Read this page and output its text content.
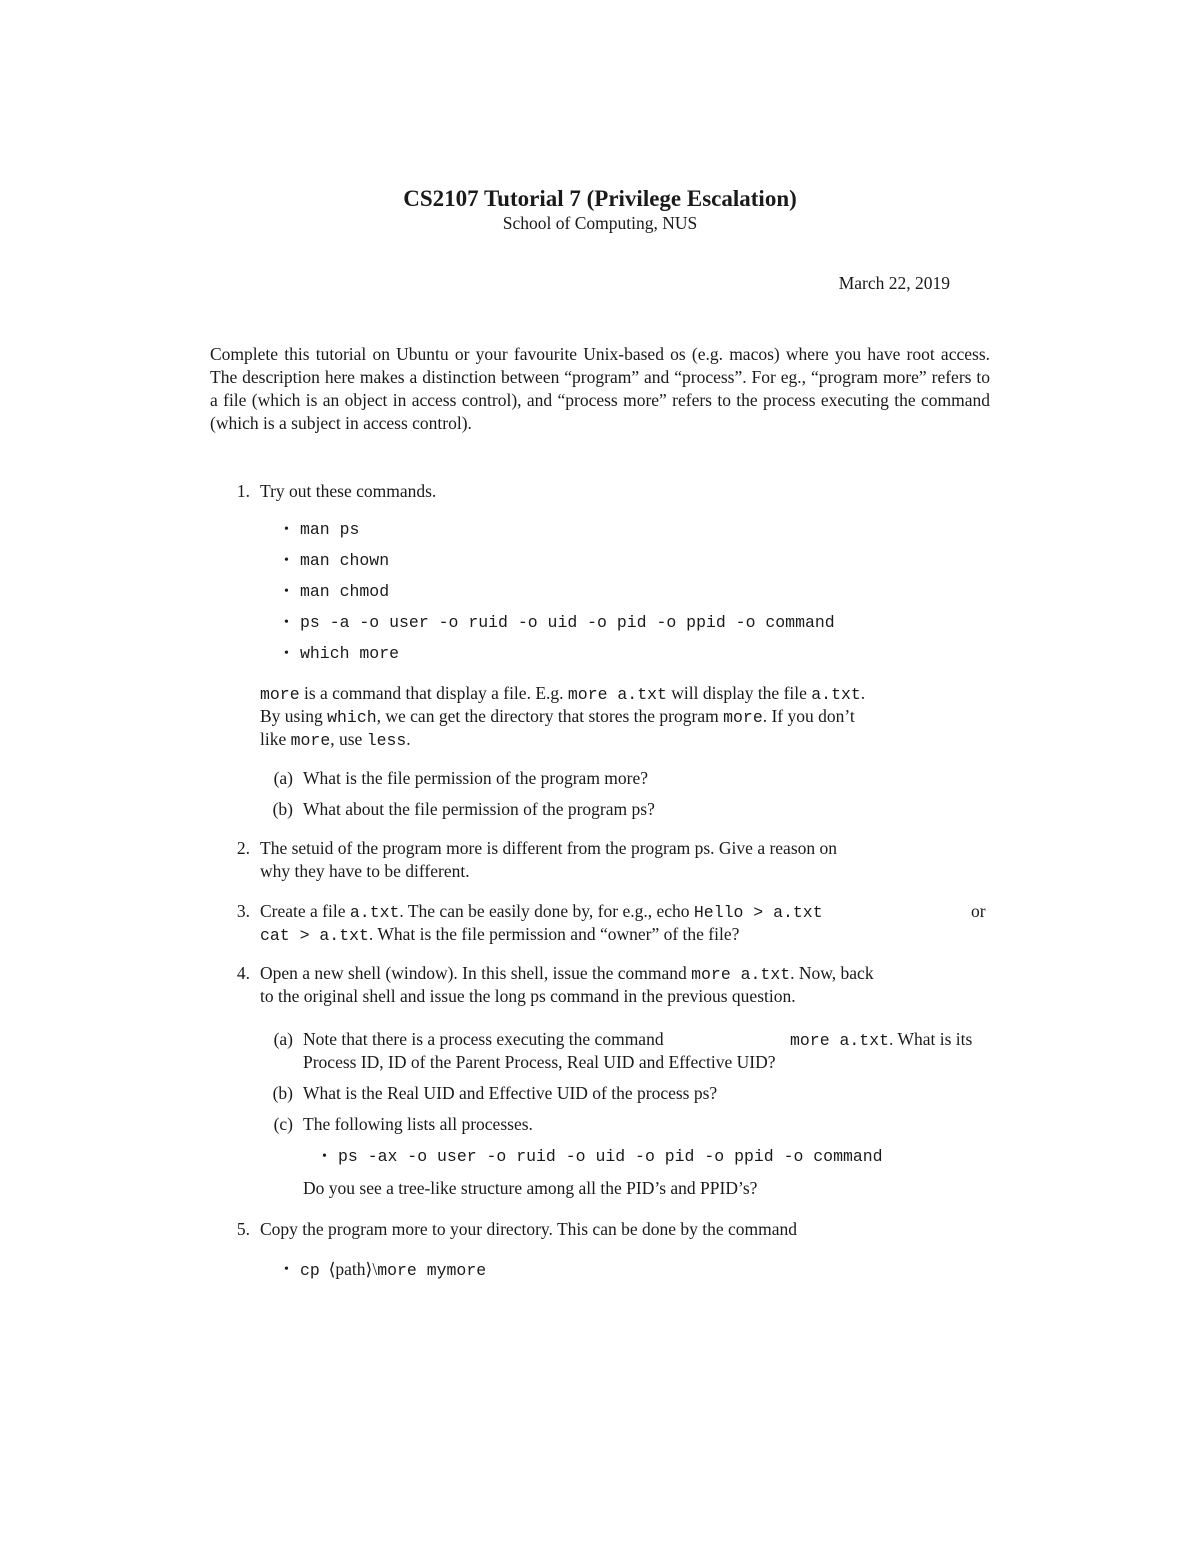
CS2107 Tutorial 7 (Privilege Escalation)
School of Computing, NUS
March 22, 2019
Complete this tutorial on Ubuntu or your favourite Unix-based os (e.g. macos) where you have root access. The description here makes a distinction between “program” and “process”. For eg., “program more” refers to a file (which is an object in access control), and “process more” refers to the process executing the command (which is a subject in access control).
1. Try out these commands.
• man ps
• man chown
• man chmod
• ps -a -o user -o ruid -o uid -o pid -o ppid -o command
• which more
more is a command that display a file. E.g. more a.txt will display the file a.txt.
By using which, we can get the directory that stores the program more. If you don’t
like more, use less.
(a) What is the file permission of the program more?
(b) What about the file permission of the program ps?
2. The setuid of the program more is different from the program ps. Give a reason on
why they have to be different.
3. Create a file a.txt. The can be easily done by, for e.g., echo Hello > a.txt	or
cat > a.txt. What is the file permission and “owner” of the file?
4. Open a new shell (window). In this shell, issue the command more a.txt. Now, back
to the original shell and issue the long ps command in the previous question.
(a) Note that there is a process executing the command	more a.txt. What is its
Process ID, ID of the Parent Process, Real UID and Effective UID?
(b) What is the Real UID and Effective UID of the process ps?
(c) The following lists all processes.
• ps -ax -o user -o ruid -o uid -o pid -o ppid -o command
Do you see a tree-like structure among all the PID’s and PPID’s?
5. Copy the program more to your directory. This can be done by the command
• cp ⟨path⟩\more mymore
